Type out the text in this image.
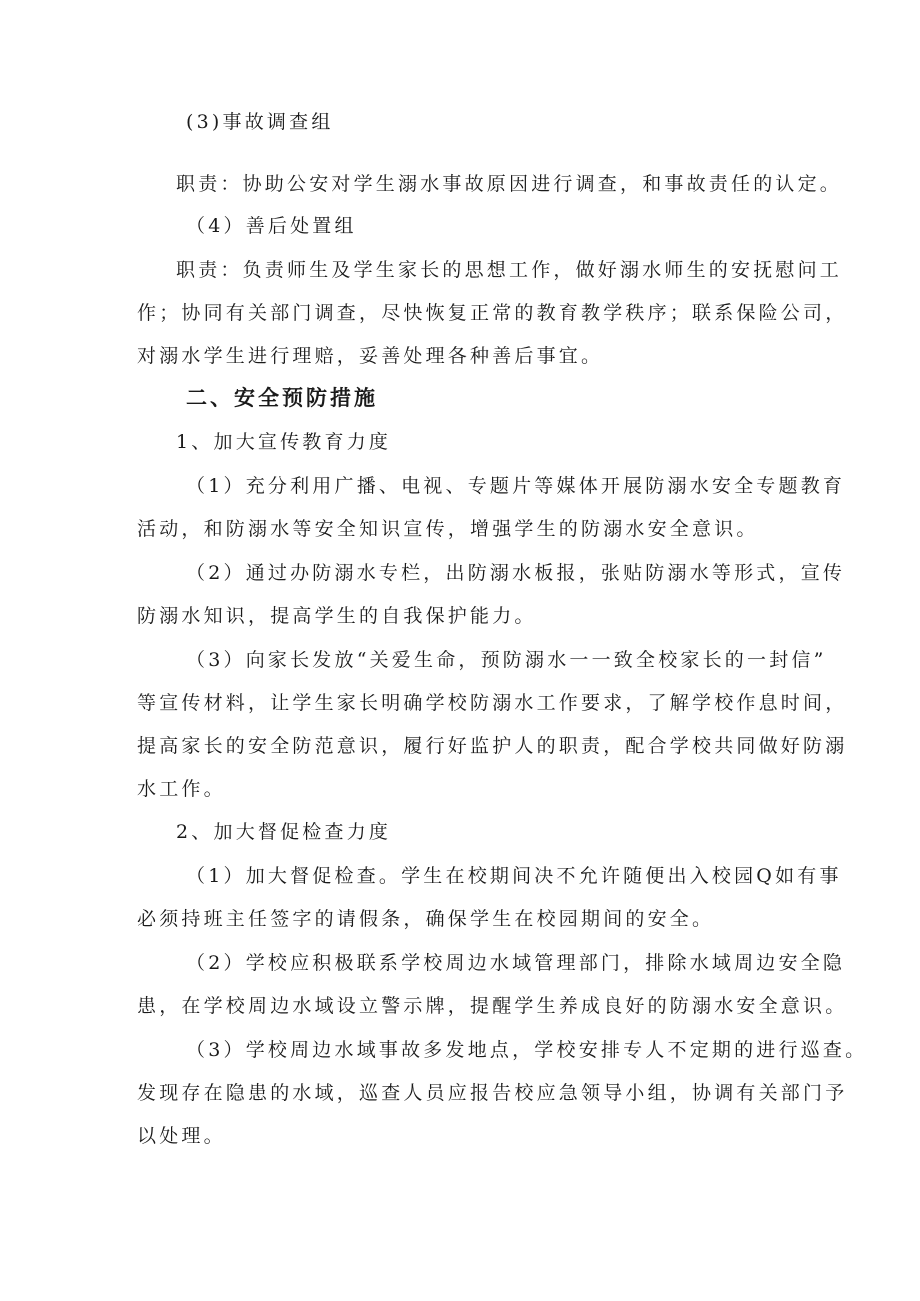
(3)事故调查组
职责：协助公安对学生溺水事故原因进行调查，和事故责任的认定。
（4）善后处置组
职责：负责师生及学生家长的思想工作，做好溺水师生的安抚慰问工
作；协同有关部门调查，尽快恢复正常的教育教学秩序；联系保险公司，
对溺水学生进行理赔，妥善处理各种善后事宜。
二、安全预防措施
1、加大宣传教育力度
（1）充分利用广播、电视、专题片等媒体开展防溺水安全专题教育
活动，和防溺水等安全知识宣传，增强学生的防溺水安全意识。
（2）通过办防溺水专栏，出防溺水板报，张贴防溺水等形式，宣传
防溺水知识，提高学生的自我保护能力。
（3）向家长发放“关爱生命，预防溺水一一致全校家长的一封信”
等宣传材料，让学生家长明确学校防溺水工作要求，了解学校作息时间，
提高家长的安全防范意识，履行好监护人的职责，配合学校共同做好防溺
水工作。
2、加大督促检查力度
（1）加大督促检查。学生在校期间决不允许随便出入校园Q如有事
必须持班主任签字的请假条，确保学生在校园期间的安全。
（2）学校应积极联系学校周边水域管理部门，排除水域周边安全隐
患，在学校周边水域设立警示牌，提醒学生养成良好的防溺水安全意识。
（3）学校周边水域事故多发地点，学校安排专人不定期的进行巡查。
发现存在隐患的水域，巡查人员应报告校应急领导小组，协调有关部门予
以处理。
